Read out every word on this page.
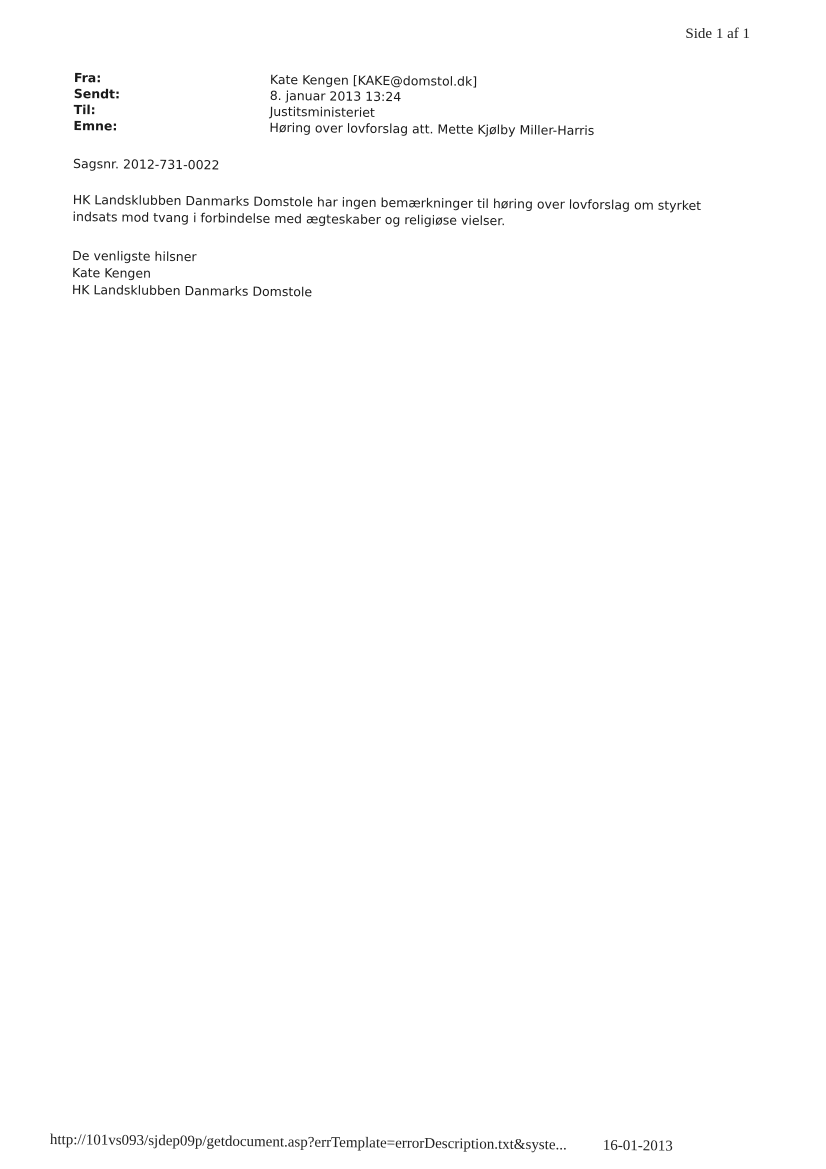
Side 1 af 1
Fra:	Kate Kengen [KAKE@domstol.dk]
Sendt:	8. januar 2013 13:24
Til:	Justitsministeriet
Emne:	Høring over lovforslag att. Mette Kjølby Miller-Harris
Sagsnr. 2012-731-0022
HK Landsklubben Danmarks Domstole har ingen bemærkninger til høring over lovforslag om styrket indsats mod tvang i forbindelse med ægteskaber og religiøse vielser.
De venligste hilsner
Kate Kengen
HK Landsklubben Danmarks Domstole
http://101vs093/sjdep09p/getdocument.asp?errTemplate=errorDescription.txt&syste... 16-01-2013
